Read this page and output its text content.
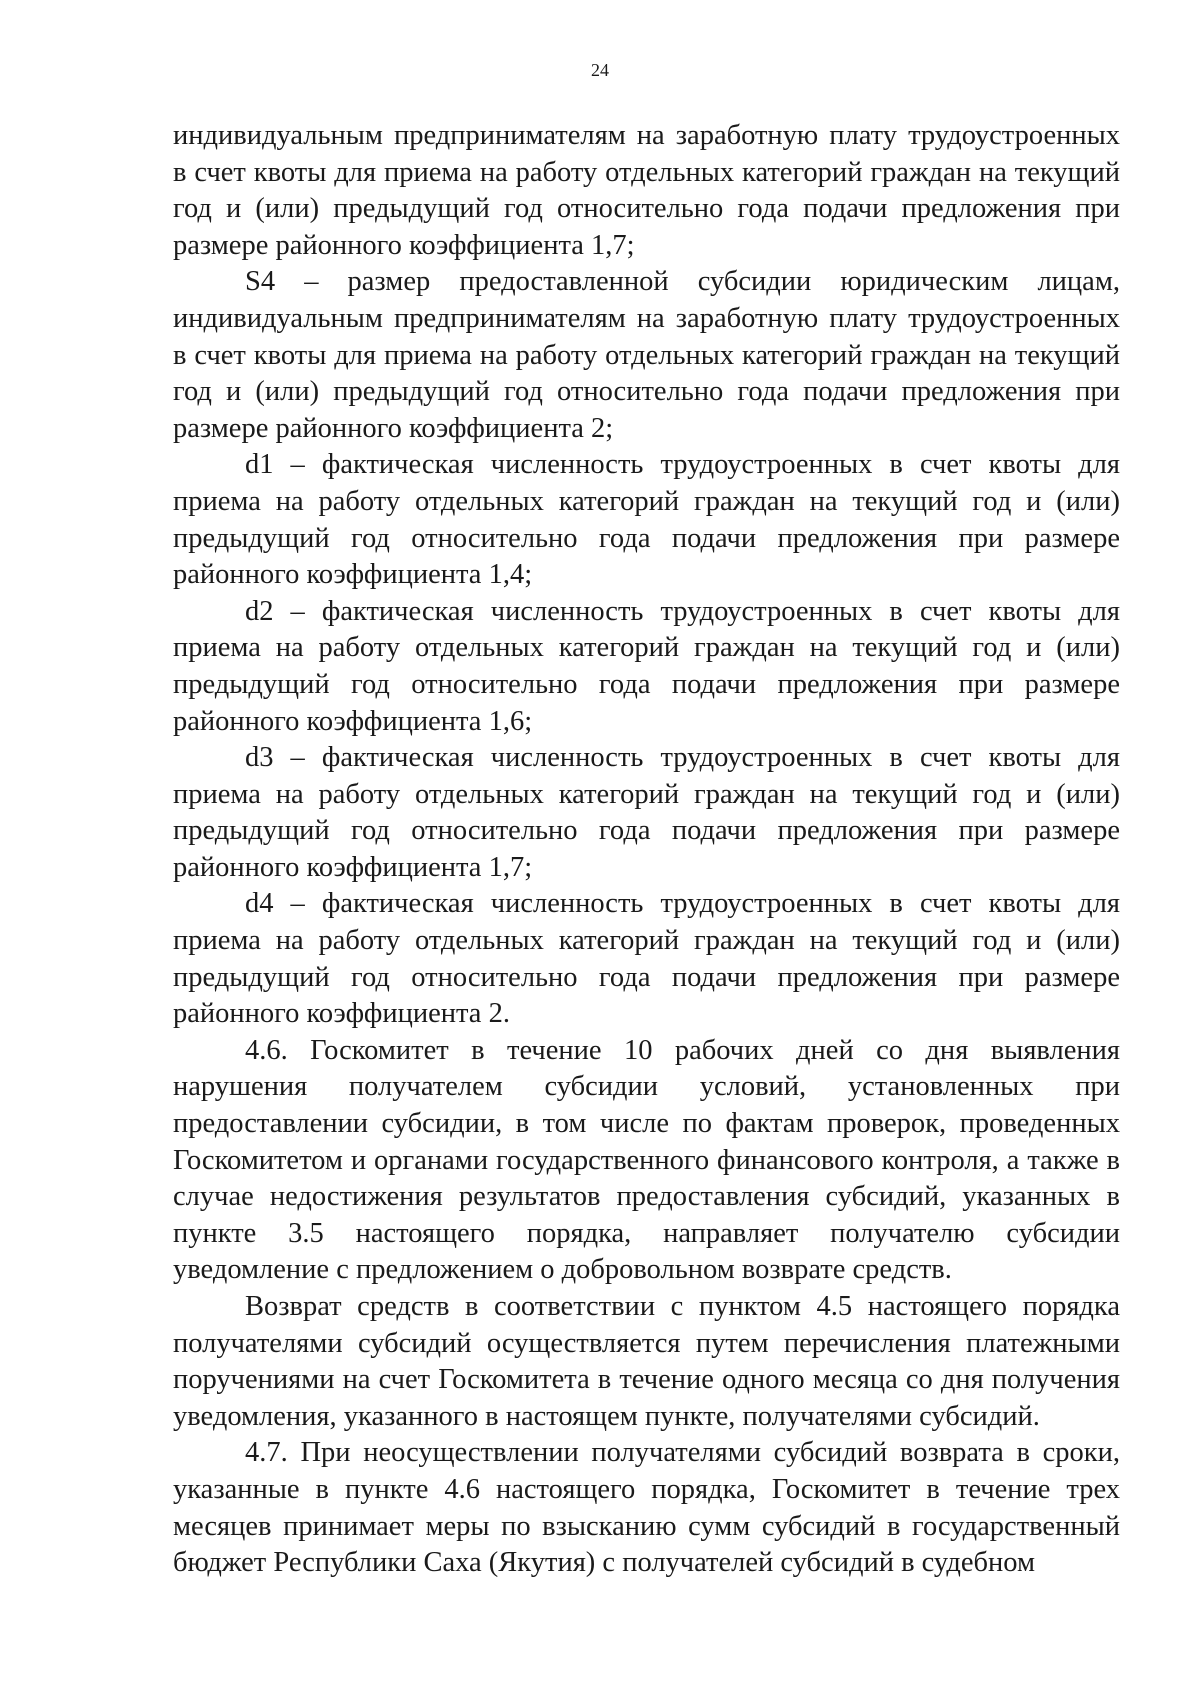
24

индивидуальным предпринимателям на заработную плату трудоустроенных в счет квоты для приема на работу отдельных категорий граждан на текущий год и (или) предыдущий год относительно года подачи предложения при размере районного коэффициента 1,7;

S4 – размер предоставленной субсидии юридическим лицам, индивидуальным предпринимателям на заработную плату трудоустроенных в счет квоты для приема на работу отдельных категорий граждан на текущий год и (или) предыдущий год относительно года подачи предложения при размере районного коэффициента 2;

d1 – фактическая численность трудоустроенных в счет квоты для приема на работу отдельных категорий граждан на текущий год и (или) предыдущий год относительно года подачи предложения при размере районного коэффициента 1,4;

d2 – фактическая численность трудоустроенных в счет квоты для приема на работу отдельных категорий граждан на текущий год и (или) предыдущий год относительно года подачи предложения при размере районного коэффициента 1,6;

d3 – фактическая численность трудоустроенных в счет квоты для приема на работу отдельных категорий граждан на текущий год и (или) предыдущий год относительно года подачи предложения при размере районного коэффициента 1,7;

d4 – фактическая численность трудоустроенных в счет квоты для приема на работу отдельных категорий граждан на текущий год и (или) предыдущий год относительно года подачи предложения при размере районного коэффициента 2.

4.6. Госкомитет в течение 10 рабочих дней со дня выявления нарушения получателем субсидии условий, установленных при предоставлении субсидии, в том числе по фактам проверок, проведенных Госкомитетом и органами государственного финансового контроля, а также в случае недостижения результатов предоставления субсидий, указанных в пункте 3.5 настоящего порядка, направляет получателю субсидии уведомление с предложением о добровольном возврате средств.

Возврат средств в соответствии с пунктом 4.5 настоящего порядка получателями субсидий осуществляется путем перечисления платежными поручениями на счет Госкомитета в течение одного месяца со дня получения уведомления, указанного в настоящем пункте, получателями субсидий.

4.7. При неосуществлении получателями субсидий возврата в сроки, указанные в пункте 4.6 настоящего порядка, Госкомитет в течение трех месяцев принимает меры по взысканию сумм субсидий в государственный бюджет Республики Саха (Якутия) с получателей субсидий в судебном
